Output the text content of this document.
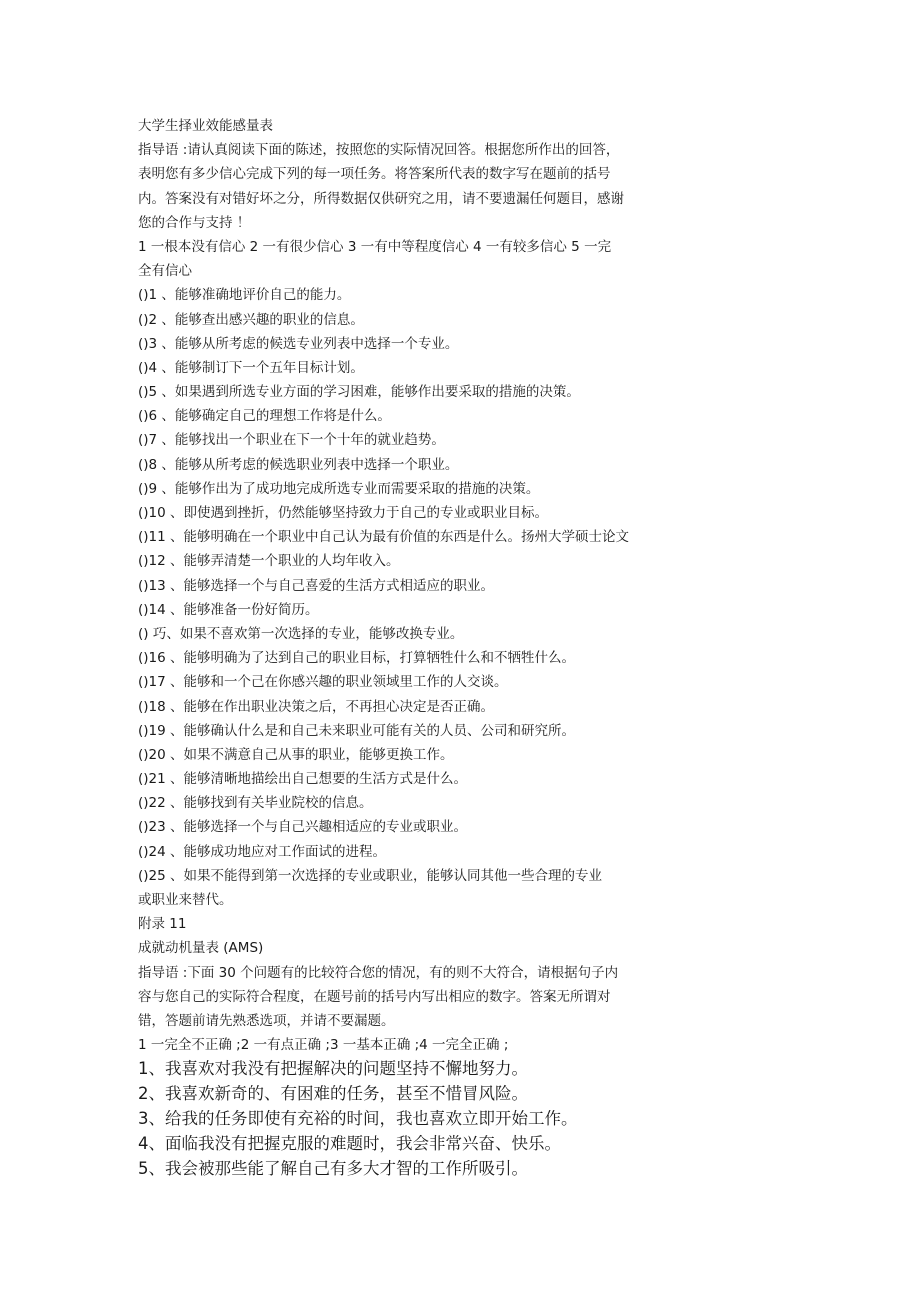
大学生择业效能感量表
指导语 :请认真阅读下面的陈述，按照您的实际情况回答。根据您所作出的回答，
表明您有多少信心完成下列的每一项任务。将答案所代表的数字写在题前的括号
内。答案没有对错好坏之分，所得数据仅供研究之用，请不要遗漏任何题目，感谢
您的合作与支持 ！
1 一根本没有信心 2 一有很少信心 3 一有中等程度信心 4 一有较多信心 5 一完
全有信心
()1 、能够准确地评价自己的能力。
()2 、能够查出感兴趣的职业的信息。
()3 、能够从所考虑的候选专业列表中选择一个专业。
()4 、能够制订下一个五年目标计划。
()5 、如果遇到所选专业方面的学习困难，能够作出要采取的措施的决策。
()6 、能够确定自己的理想工作将是什么。
()7 、能够找出一个职业在下一个十年的就业趋势。
()8 、能够从所考虑的候选职业列表中选择一个职业。
()9 、能够作出为了成功地完成所选专业而需要采取的措施的决策。
()10 、即使遇到挫折，仍然能够坚持致力于自己的专业或职业目标。
()11 、能够明确在一个职业中自己认为最有价值的东西是什么。扬州大学硕士论文
()12 、能够弄清楚一个职业的人均年收入。
()13 、能够选择一个与自己喜爱的生活方式相适应的职业。
()14 、能够准备一份好简历。
() 巧、如果不喜欢第一次选择的专业，能够改换专业。
()16 、能够明确为了达到自己的职业目标，打算牺牲什么和不牺牲什么。
()17 、能够和一个己在你感兴趣的职业领域里工作的人交谈。
()18 、能够在作出职业决策之后，不再担心决定是否正确。
()19 、能够确认什么是和自己未来职业可能有关的人员、公司和研究所。
()20 、如果不满意自己从事的职业，能够更换工作。
()21 、能够清晰地描绘出自己想要的生活方式是什么。
()22 、能够找到有关毕业院校的信息。
()23 、能够选择一个与自己兴趣相适应的专业或职业。
()24 、能够成功地应对工作面试的进程。
()25 、如果不能得到第一次选择的专业或职业，能够认同其他一些合理的专业
或职业来替代。
附录 11
成就动机量表 (AMS)
指导语 :下面 30 个问题有的比较符合您的情况，有的则不大符合，请根据句子内
容与您自己的实际符合程度，在题号前的括号内写出相应的数字。答案无所谓对
错，答题前请先熟悉选项，并请不要漏题。
1 一完全不正确 ;2 一有点正确 ;3 一基本正确 ;4 一完全正确 ;
1、我喜欢对我没有把握解决的问题坚持不懈地努力。
2、我喜欢新奇的、有困难的任务，甚至不惜冒风险。
3、给我的任务即使有充裕的时间，我也喜欢立即开始工作。
4、面临我没有把握克服的难题时，我会非常兴奋、快乐。
5、我会被那些能了解自己有多大才智的工作所吸引。
